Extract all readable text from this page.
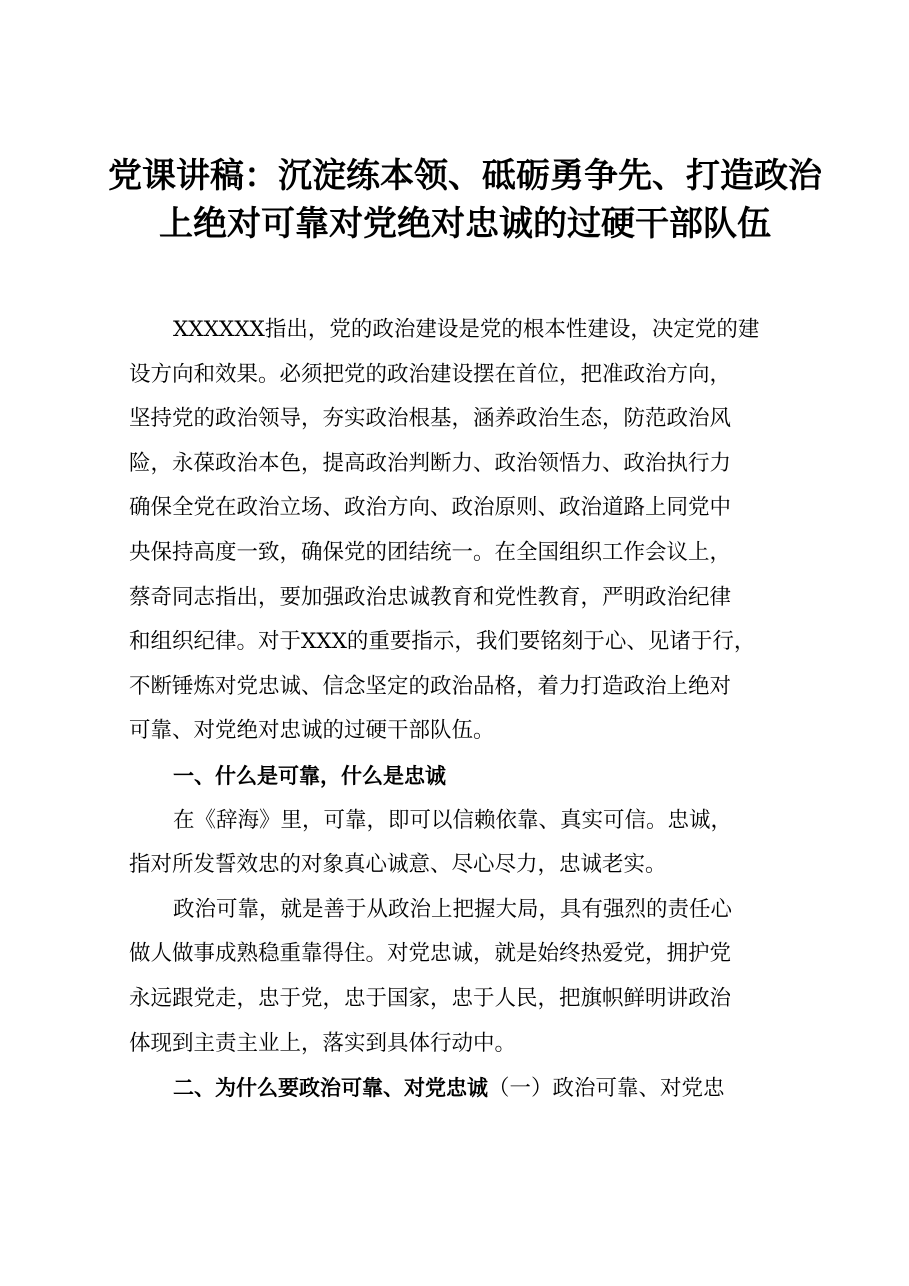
党课讲稿：沉淀练本领、砥砺勇争先、打造政治
上绝对可靠对党绝对忠诚的过硬干部队伍
XXXXXX指出，党的政治建设是党的根本性建设，决定党的建
设方向和效果。必须把党的政治建设摆在首位，把准政治方向，
坚持党的政治领导，夯实政治根基，涵养政治生态，防范政治风
险，永葆政治本色，提高政治判断力、政治领悟力、政治执行力
确保全党在政治立场、政治方向、政治原则、政治道路上同党中
央保持高度一致，确保党的团结统一。在全国组织工作会议上，
蔡奇同志指出，要加强政治忠诚教育和党性教育，严明政治纪律
和组织纪律。对于XXX的重要指示，我们要铭刻于心、见诸于行，
不断锤炼对党忠诚、信念坚定的政治品格，着力打造政治上绝对
可靠、对党绝对忠诚的过硬干部队伍。
一、什么是可靠，什么是忠诚
在《辞海》里，可靠，即可以信赖依靠、真实可信。忠诚，
指对所发誓效忠的对象真心诚意、尽心尽力，忠诚老实。
政治可靠，就是善于从政治上把握大局，具有强烈的责任心
做人做事成熟稳重靠得住。对党忠诚，就是始终热爱党，拥护党
永远跟党走，忠于党，忠于国家，忠于人民，把旗帜鲜明讲政治
体现到主责主业上，落实到具体行动中。
二、为什么要政治可靠、对党忠诚（一）政治可靠、对党忠
